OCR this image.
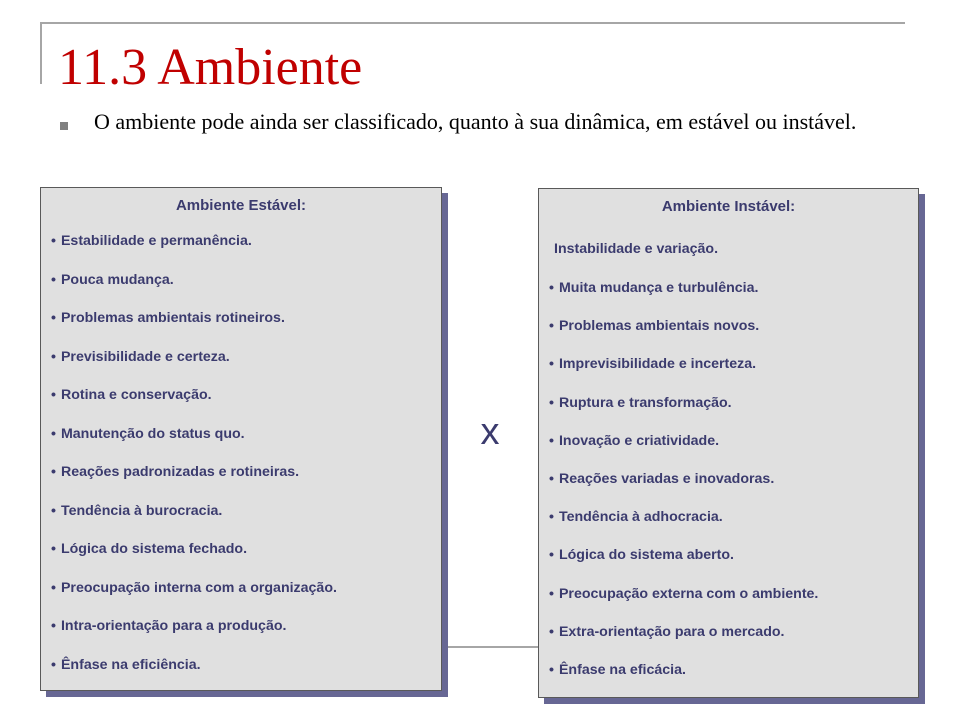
11.3 Ambiente

O ambiente pode ainda ser classificado, quanto à sua dinâmica, em estável ou instável.

Ambiente Estável:

• Estabilidade e permanência.

• Pouca mudança.

• Problemas ambientais rotineiros.

• Previsibilidade e certeza.

• Rotina e conservação.

• Manutenção do status quo.

• Reações padronizadas e rotineiras.

• Tendência à burocracia.

• Lógica do sistema fechado.

• Preocupação interna com a organização.

• Intra-orientação para a produção.

• Ênfase na eficiência.

x

Ambiente Instável:

Instabilidade e variação.

• Muita mudança e turbulência.

• Problemas ambientais novos.

• Imprevisibilidade e incerteza.

• Ruptura e transformação.

• Inovação e criatividade.

• Reações variadas e inovadoras.

• Tendência à adhocracia.

• Lógica do sistema aberto.

• Preocupação externa com o ambiente.

• Extra-orientação para o mercado.

• Ênfase na eficácia.
